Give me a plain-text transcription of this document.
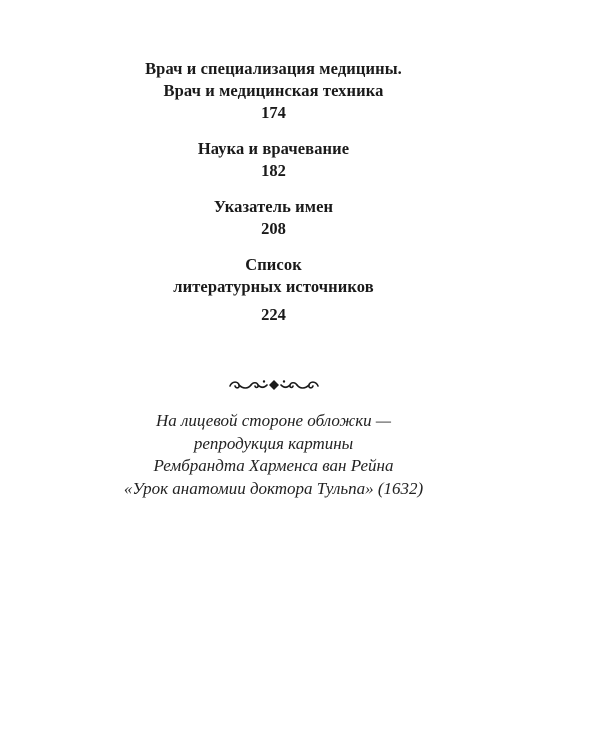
Врач и специализация медицины.
Врач и медицинская техника
174
Наука и врачевание
182
Указатель имен
208
Список
литературных источников
224
На лицевой стороне обложки —
репродукция картины
Рембрандта Харменса ван Рейна
«Урок анатомии доктора Тульпа» (1632)
